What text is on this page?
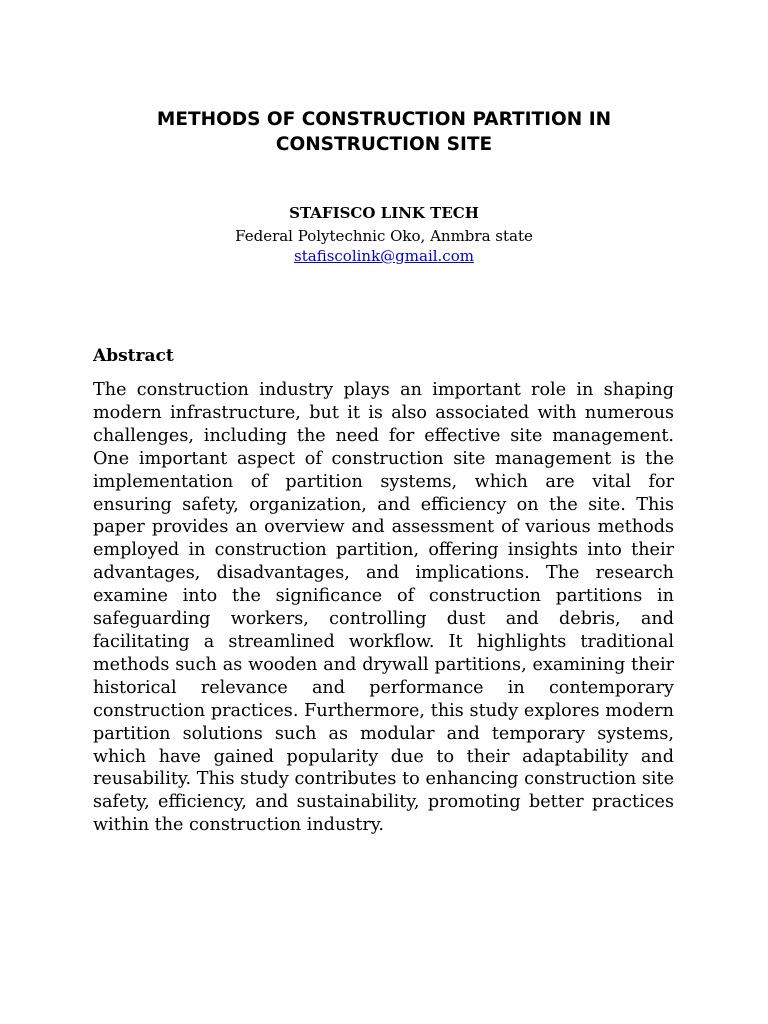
METHODS OF CONSTRUCTION PARTITION IN CONSTRUCTION SITE
STAFISCO LINK TECH
Federal Polytechnic Oko, Anmbra state
stafiscolink@gmail.com
Abstract

The construction industry plays an important role in shaping modern infrastructure, but it is also associated with numerous challenges, including the need for effective site management. One important aspect of construction site management is the implementation of partition systems, which are vital for ensuring safety, organization, and efficiency on the site. This paper provides an overview and assessment of various methods employed in construction partition, offering insights into their advantages, disadvantages, and implications. The research examine into the significance of construction partitions in safeguarding workers, controlling dust and debris, and facilitating a streamlined workflow. It highlights traditional methods such as wooden and drywall partitions, examining their historical relevance and performance in contemporary construction practices. Furthermore, this study explores modern partition solutions such as modular and temporary systems, which have gained popularity due to their adaptability and reusability. This study contributes to enhancing construction site safety, efficiency, and sustainability, promoting better practices within the construction industry.
